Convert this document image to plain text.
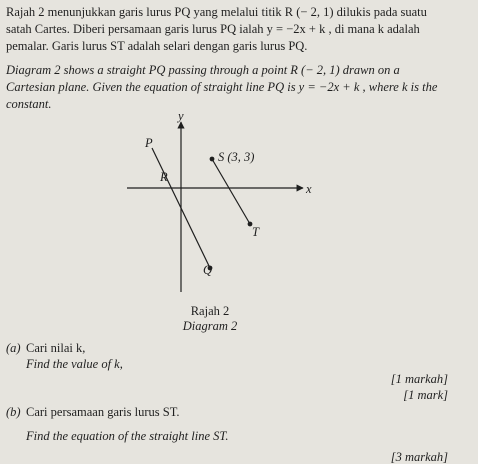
Rajah 2 menunjukkan garis lurus PQ yang melalui titik R (− 2, 1) dilukis pada suatu
satah Cartes. Diberi persamaan garis lurus PQ ialah y = −2x + k , di mana k adalah
pemalar. Garis lurus ST adalah selari dengan garis lurus PQ.
Diagram 2 shows a straight PQ passing through a point R (− 2, 1) drawn on a
Cartesian plane. Given the equation of straight line PQ is y = −2x + k , where k is the
constant.
y
x
P
S (3, 3)
R
T
Q
Rajah 2
Diagram 2
(a) Cari nilai k,
Find the value of k,
[1 markah]
[1 mark]
(b) Cari persamaan garis lurus ST.
Find the equation of the straight line ST.
[3 markah]
